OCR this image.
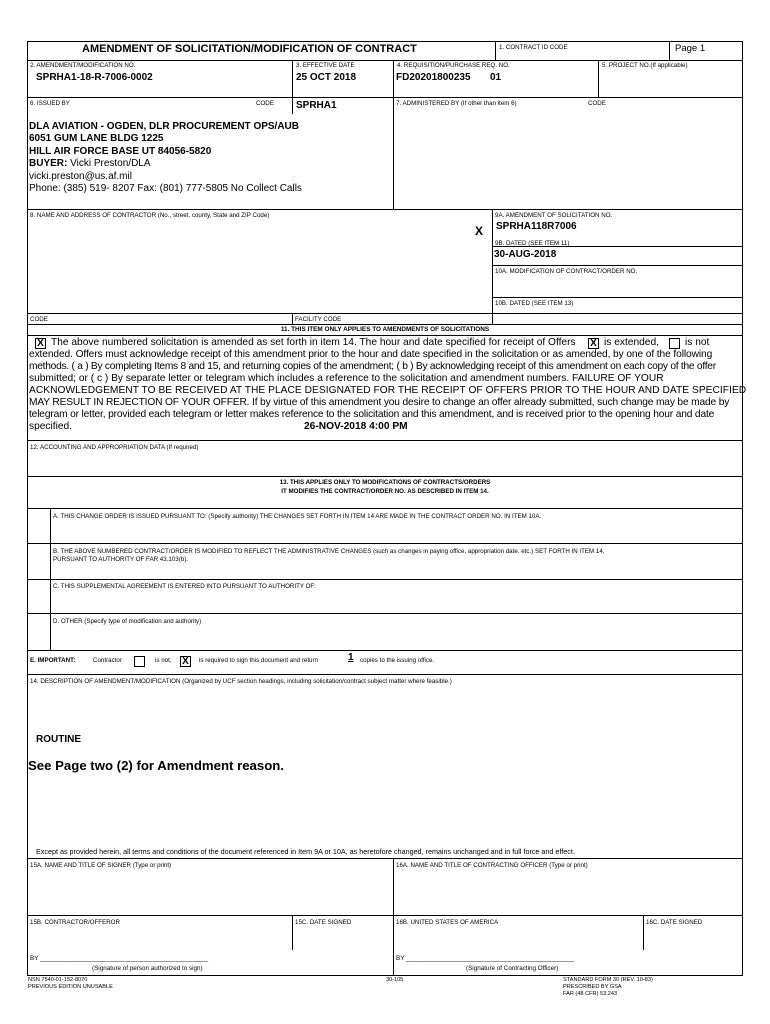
AMENDMENT OF SOLICITATION/MODIFICATION OF CONTRACT	1. CONTRACT ID CODE	Page 1
2. AMENDMENT/MODIFICATION NO.
SPRHA1-18-R-7006-0002
3. EFFECTIVE DATE
25 OCT 2018
4. REQUISITION/PURCHASE REQ. NO.
FD20201800235 01
5. PROJECT NO.(If applicable)
6. ISSUED BY	CODE SPRHA1	7. ADMINISTERED BY (If other than item 6)	CODE
DLA AVIATION - OGDEN, DLR PROCUREMENT OPS/AUB
6051 GUM LANE BLDG 1225
HILL AIR FORCE BASE UT 84056-5820
BUYER: Vicki Preston/DLA
vicki.preston@us.af.mil
Phone: (385) 519- 8207 Fax: (801) 777-5805 No Collect Calls
8. NAME AND ADDRESS OF CONTRACTOR (No., street, county, State and ZIP Code)
X
9A. AMENDMENT OF SOLICITATION NO.
SPRHA118R7006
9B. DATED (SEE ITEM 11)
30-AUG-2018
10A. MODIFICATION OF CONTRACT/ORDER NO.
10B. DATED (SEE ITEM 13)
CODE	FACILITY CODE
11. THIS ITEM ONLY APPLIES TO AMENDMENTS OF SOLICITATIONS
X The above numbered solicitation is amended as set forth in item 14. The hour and date specified for receipt of Offers X is extended,	is not
extended. Offers must acknowledge receipt of this amendment prior to the hour and date specified in the solicitation or as amended, by one of the following
methods. ( a ) By completing Items 8 and 15, and returning copies of the amendment; ( b ) By acknowledging receipt of this amendment on each copy of the offer
submitted; or ( c ) By separate letter or telegram which includes a reference to the solicitation and amendment numbers. FAILURE OF YOUR
ACKNOWLEDGEMENT TO BE RECEIVED AT THE PLACE DESIGNATED FOR THE RECEIPT OF OFFERS PRIOR TO THE HOUR AND DATE SPECIFIED
MAY RESULT IN REJECTION OF YOUR OFFER. If by virtue of this amendment you desire to change an offer already submitted, such change may be made by
telegram or letter, provided each telegram or letter makes reference to the solicitation and this amendment, and is received prior to the opening hour and date
specified.	26-NOV-2018 4:00 PM
12. ACCOUNTING AND APPROPRIATION DATA (If required)
13. THIS APPLIES ONLY TO MODIFICATIONS OF CONTRACTS/ORDERS
IT MODIFIES THE CONTRACT/ORDER NO. AS DESCRIBED IN ITEM 14.
A. THIS CHANGE ORDER IS ISSUED PURSUANT TO: (Specify authority) THE CHANGES SET FORTH IN ITEM 14 ARE MADE IN THE CONTRACT ORDER NO. IN ITEM 10A.
B. THE ABOVE NUMBERED CONTRACT/ORDER IS MODIFIED TO REFLECT THE ADMINISTRATIVE CHANGES (such as changes in paying office, appropriation date, etc.) SET FORTH IN ITEM 14,
PURSUANT TO AUTHORITY OF FAR 43.103(b).
C. THIS SUPPLEMENTAL AGREEMENT IS ENTERED INTO PURSUANT TO AUTHORITY OF:
D. OTHER (Specify type of modification and authority)
E. IMPORTANT:	Contractor	is not, X	is required to sign this document and return	1 copies to the issuing office.
14. DESCRIPTION OF AMENDMENT/MODIFICATION (Organized by UCF section headings, including solicitation/contract subject matter where feasible.)
ROUTINE
See Page two (2) for Amendment reason.
Except as provided herein, all terms and conditions of the document referenced in Item 9A or 10A, as heretofore changed, remains unchanged and in full force and effect.
15A. NAME AND TITLE OF SIGNER (Type or print)	16A. NAME AND TITLE OF CONTRACTING OFFICER (Type or print)
15B. CONTRACTOR/OFFEROR	15C. DATE SIGNED	16B. UNITED STATES OF AMERICA	16C. DATE SIGNED
BY ________________________________________________
(Signature of person authorized to sign)
BY ________________________________________________
(Signature of Contracting Officer)
NSN 7540-01-152-8070
PREVIOUS EDITION UNUSABLE
30-105	STANDARD FORM 30 (REV. 10-83)
PRESCRIBED BY GSA
FAR (48 CFR) 53.243
